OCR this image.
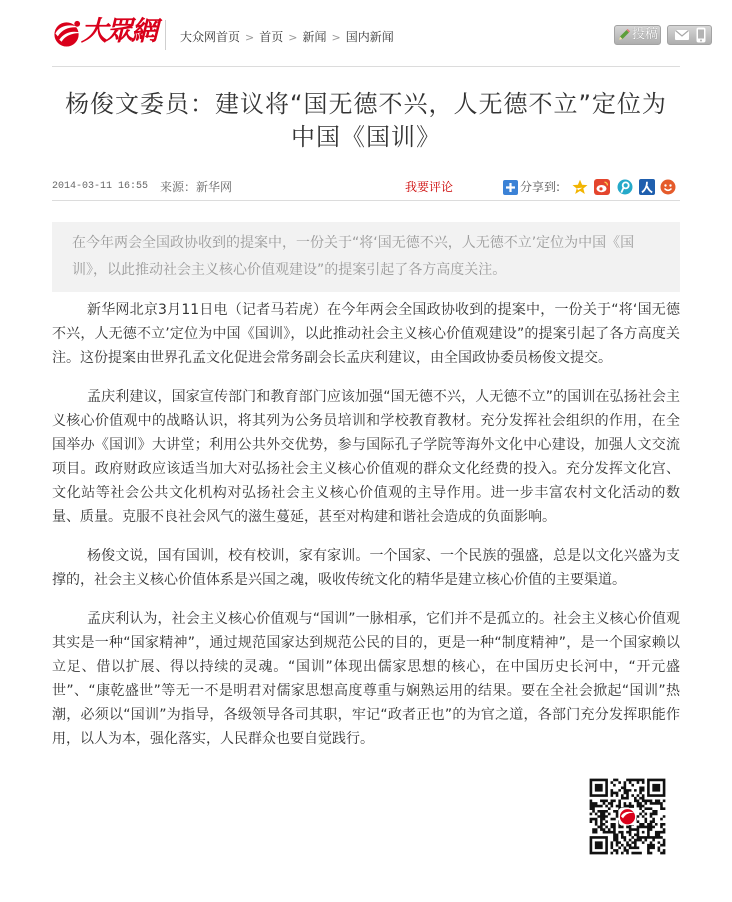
大眾網 大众网首页 > 首页 > 新闻 > 国内新闻	投稿
杨俊文委员：建议将“国无德不兴，人无德不立”定位为
中国《国训》
2014-03-11 16:55 来源：新华网	我要评论	分享到:
在今年两会全国政协收到的提案中，一份关于“将‘国无德不兴，人无德不立’定位为中国《国训》，以此推动社会主义核心价值观建设”的提案引起了各方高度关注。

新华网北京3月11日电（记者马若虎）在今年两会全国政协收到的提案中，一份关于“将‘国无德不兴，人无德不立’定位为中国《国训》，以此推动社会主义核心价值观建设”的提案引起了各方高度关注。这份提案由世界孔孟文化促进会常务副会长孟庆利建议，由全国政协委员杨俊文提交。

孟庆利建议，国家宣传部门和教育部门应该加强“国无德不兴，人无德不立”的国训在弘扬社会主义核心价值观中的战略认识，将其列为公务员培训和学校教育教材。充分发挥社会组织的作用，在全国举办《国训》大讲堂；利用公共外交优势，参与国际孔子学院等海外文化中心建设，加强人文交流项目。政府财政应该适当加大对弘扬社会主义核心价值观的群众文化经费的投入。充分发挥文化宫、文化站等社会公共文化机构对弘扬社会主义核心价值观的主导作用。进一步丰富农村文化活动的数量、质量。克服不良社会风气的滋生蔓延，甚至对构建和谐社会造成的负面影响。

杨俊文说，国有国训，校有校训，家有家训。一个国家、一个民族的强盛，总是以文化兴盛为支撑的，社会主义核心价值体系是兴国之魂，吸收传统文化的精华是建立核心价值的主要渠道。

孟庆利认为，社会主义核心价值观与“国训”一脉相承，它们并不是孤立的。社会主义核心价值观其实是一种“国家精神”，通过规范国家达到规范公民的目的，更是一种“制度精神”，是一个国家赖以立足、借以扩展、得以持续的灵魂。“国训”体现出儒家思想的核心，在中国历史长河中，“开元盛世”、“康乾盛世”等无一不是明君对儒家思想高度尊重与娴熟运用的结果。要在全社会掀起“国训”热潮，必须以“国训”为指导，各级领导各司其职，牢记“政者正也”的为官之道，各部门充分发挥职能作用，以人为本，强化落实，人民群众也要自觉践行。
